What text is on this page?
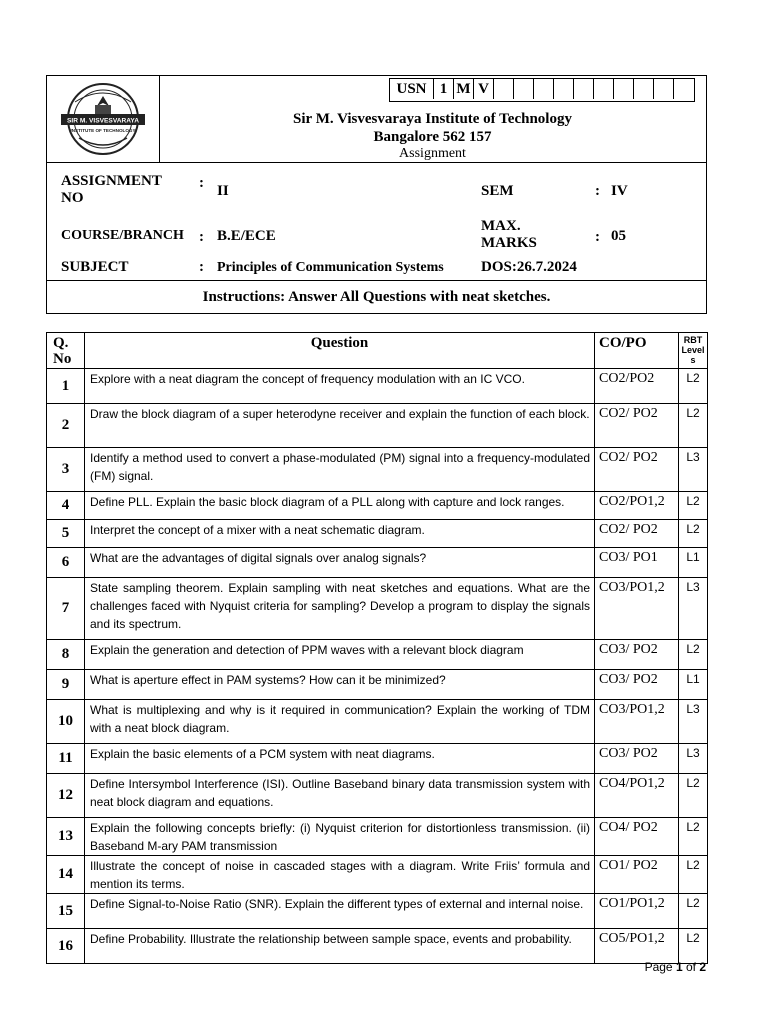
SIR M. VISVESVARAYA
INSTITUTE OF TECHNOLOGY
USN 1 M V
Sir M. Visvesvaraya Institute of Technology
Bangalore 562 157
Assignment
ASSIGNMENT
NO
: II	SEM	: IV
COURSE/BRANCH : B.E/ECE
MAX.
MARKS	: 05
SUBJECT	: Principles of Communication Systems DOS:26.7.2024
Instructions: Answer All Questions with neat sketches.
Q.
No	Question	CO/PO	RBT Level s
1	Explore with a neat diagram the concept of frequency modulation with an IC VCO.	CO2/PO2	L2
2	Draw the block diagram of a super heterodyne receiver and explain the function of each block.	CO2/ PO2	L2
3	Identify a method used to convert a phase-modulated (PM) signal into a frequency-modulated (FM) signal.	CO2/ PO2	L3
4	Define PLL. Explain the basic block diagram of a PLL along with capture and lock ranges.	CO2/PO1,2	L2
5	Interpret the concept of a mixer with a neat schematic diagram.	CO2/ PO2	L2
6	What are the advantages of digital signals over analog signals?	CO3/ PO1	L1
7	State sampling theorem. Explain sampling with neat sketches and equations. What are the challenges faced with Nyquist criteria for sampling? Develop a program to display the signals and its spectrum.	CO3/PO1,2	L3
8	Explain the generation and detection of PPM waves with a relevant block diagram	CO3/ PO2	L2
9	What is aperture effect in PAM systems? How can it be minimized?	CO3/ PO2	L1
10	What is multiplexing and why is it required in communication? Explain the working of TDM with a neat block diagram.	CO3/PO1,2	L3
11	Explain the basic elements of a PCM system with neat diagrams.	CO3/ PO2	L3
12	Define Intersymbol Interference (ISI). Outline Baseband binary data transmission system with neat block diagram and equations.	CO4/PO1,2	L2
13	Explain the following concepts briefly: (i) Nyquist criterion for distortionless transmission. (ii) Baseband M-ary PAM transmission	CO4/ PO2	L2
14	Illustrate the concept of noise in cascaded stages with a diagram. Write Friis’ formula and mention its terms.	CO1/ PO2	L2
15	Define Signal-to-Noise Ratio (SNR). Explain the different types of external and internal noise.	CO1/PO1,2	L2
16	Define Probability. Illustrate the relationship between sample space, events and probability.	CO5/PO1,2	L2
Page 1 of 2
